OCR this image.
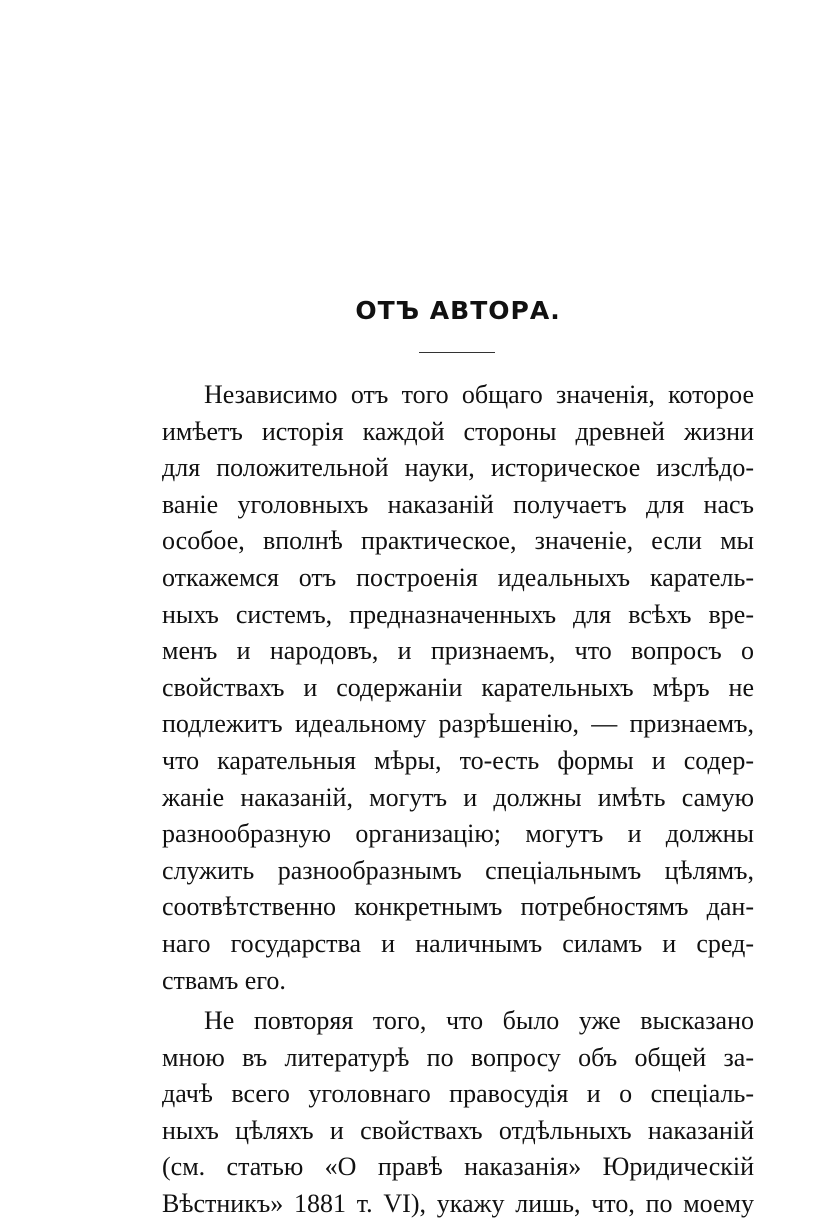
ОТЪ АВТОРА.
Независимо отъ того общаго значенія, которое
имѣетъ исторія каждой стороны древней жизни
для положительной науки, историческое изслѣдо-
ваніе уголовныхъ наказаній получаетъ для насъ
особое, вполнѣ практическое, значеніе, если мы
откажемся отъ построенія идеальныхъ каратель-
ныхъ системъ, предназначенныхъ для всѣхъ вре-
менъ и народовъ, и признаемъ, что вопросъ о
свойствахъ и содержаніи карательныхъ мѣръ не
подлежитъ идеальному разрѣшенію, — признаемъ,
что карательныя мѣры, то-есть формы и содер-
жаніе наказаній, могутъ и должны имѣть самую
разнообразную организацію; могутъ и должны
служить разнообразнымъ спеціальнымъ цѣлямъ,
соотвѣтственно конкретнымъ потребностямъ дан-
наго государства и наличнымъ силамъ и сред-
ствамъ его.
Не повторяя того, что было уже высказано
мною въ литературѣ по вопросу объ общей за-
дачѣ всего уголовнаго правосудія и о спеціаль-
ныхъ цѣляхъ и свойствахъ отдѣльныхъ наказаній
(см. статью «О правѣ наказанія» Юридическій
Вѣстникъ» 1881 т. VI), укажу лишь, что, по моему
